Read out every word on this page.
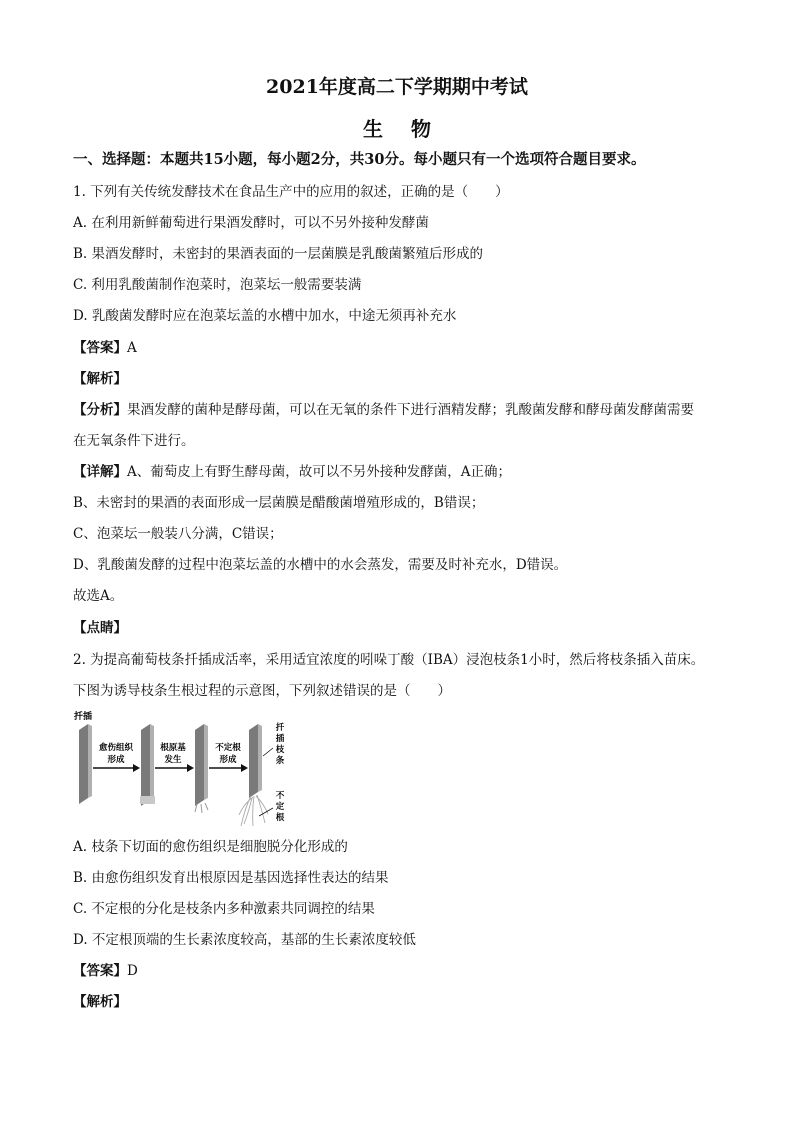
2021年度高二下学期期中考试
生物
一、选择题：本题共15小题，每小题2分，共30分。每小题只有一个选项符合题目要求。
1. 下列有关传统发酵技术在食品生产中的应用的叙述，正确的是（　　）
A. 在利用新鲜葡萄进行果酒发酵时，可以不另外接种发酵菌
B. 果酒发酵时，未密封的果酒表面的一层菌膜是乳酸菌繁殖后形成的
C. 利用乳酸菌制作泡菜时，泡菜坛一般需要装满
D. 乳酸菌发酵时应在泡菜坛盖的水槽中加水，中途无须再补充水
【答案】A
【解析】
【分析】果酒发酵的菌种是酵母菌，可以在无氧的条件下进行酒精发酵；乳酸菌发酵和酵母菌发酵菌需要
在无氧条件下进行。
【详解】A、葡萄皮上有野生酵母菌，故可以不另外接种发酵菌，A正确；
B、未密封的果酒的表面形成一层菌膜是醋酸菌增殖形成的，B错误；
C、泡菜坛一般装八分满，C错误；
D、乳酸菌发酵的过程中泡菜坛盖的水槽中的水会蒸发，需要及时补充水，D错误。
故选A。
【点睛】
2. 为提高葡萄枝条扦插成活率，采用适宜浓度的吲哚丁酸（IBA）浸泡枝条1小时，然后将枝条插入苗床。
下图为诱导枝条生根过程的示意图，下列叙述错误的是（　　）
扦插
愈伤组织
形成
根原基
发生
不定根
形成
扦
插
枝
条
不
定
根
A. 枝条下切面的愈伤组织是细胞脱分化形成的
B. 由愈伤组织发育出根原因是基因选择性表达的结果
C. 不定根的分化是枝条内多种激素共同调控的结果
D. 不定根顶端的生长素浓度较高，基部的生长素浓度较低
【答案】D
【解析】
